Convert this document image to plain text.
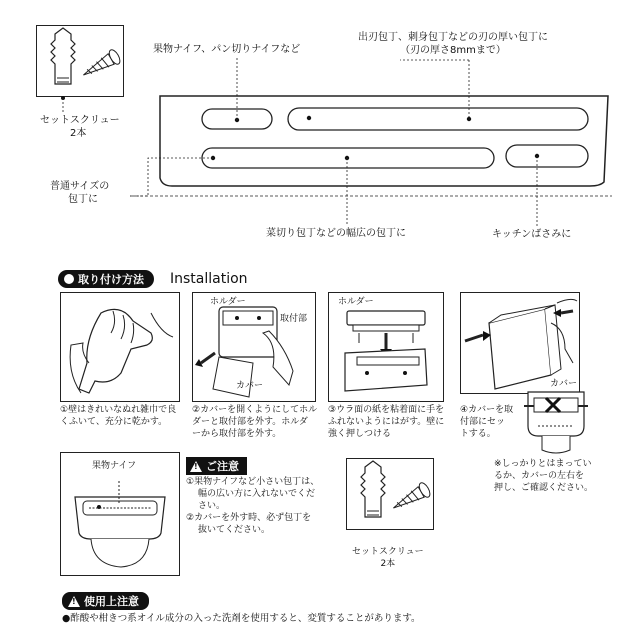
セットスクリュー
2本
果物ナイフ、パン切りナイフなど
出刃包丁、刺身包丁などの刃の厚い包丁に
（刃の厚さ8mmまで）
普通サイズの
包丁に
菜切り包丁などの幅広の包丁に	キッチンばさみに
取り付け方法 Installation
①壁はきれいなぬれ雑巾で良
くふいて、充分に乾かす。
ホルダー
取付部
カバー
②カバーを開くようにしてホル
ダーと取付部を外す。ホルダ
ーから取付部を外す。
ホルダー
③ウラ面の紙を粘着面に手を
ふれないようにはがす。壁に
強く押しつける
カバー
④カバーを取
付部にセッ
トする。
※しっかりとはまってい
るか、カバーの左右を
押し、ご確認ください。
果物ナイフ	! ご注意
①果物ナイフなど小さい包丁は、
幅の広い方に入れないでくだ
さい。
②カバーを外す時、必ず包丁を
抜いてください。
セットスクリュー
2本
! 使用上注意
●酢酸や柑きつ系オイル成分の入った洗剤を使用すると、変質することがあります。
